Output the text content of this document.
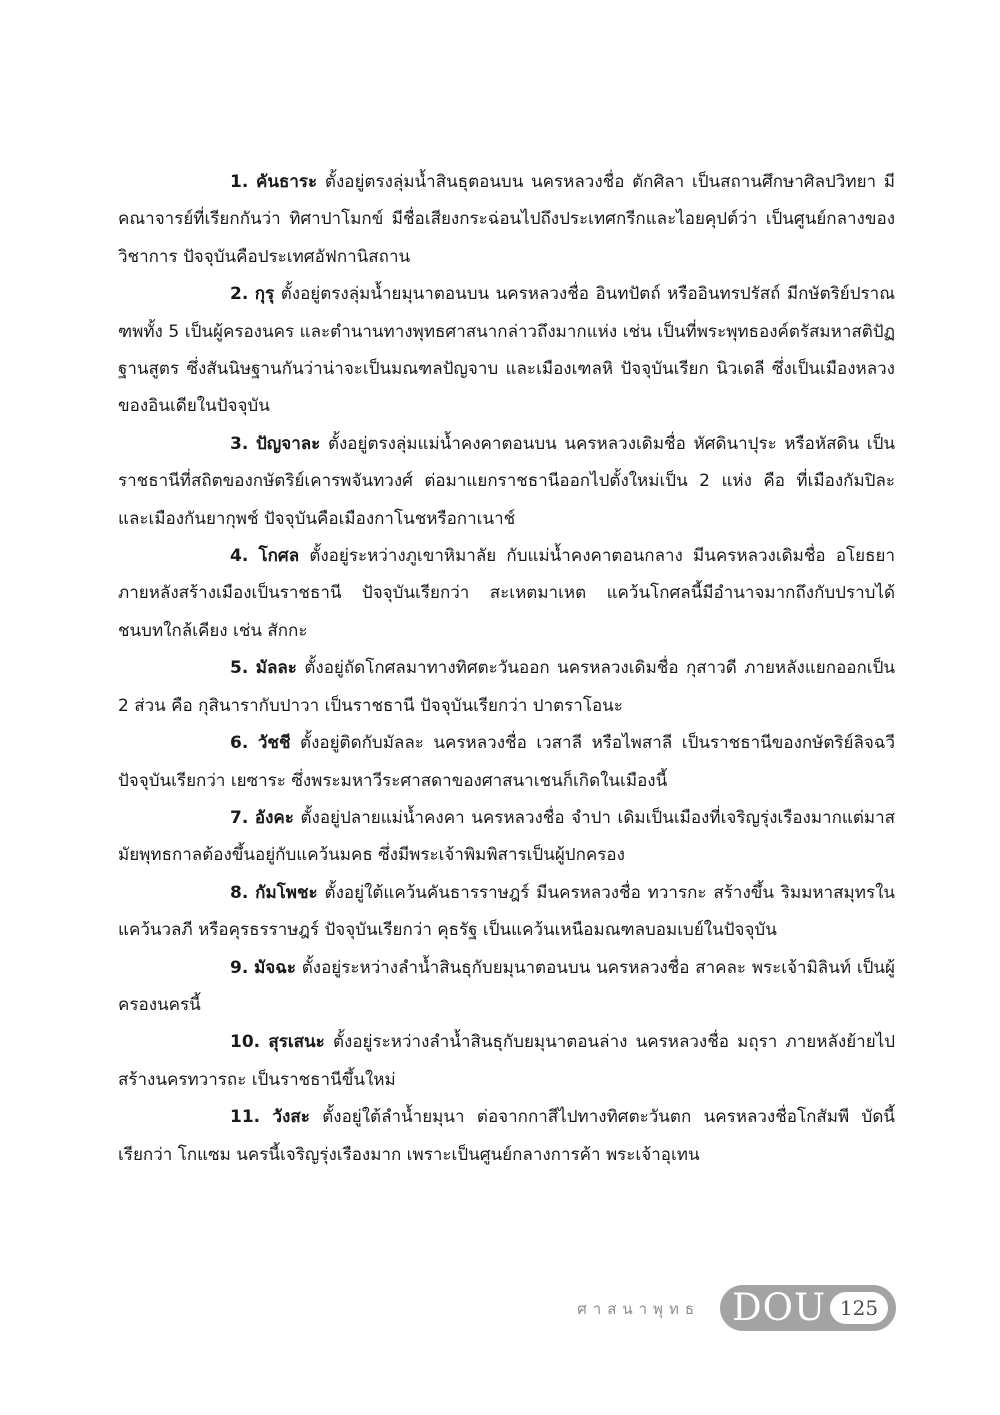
1. คันธาระ ตั้งอยู่ตรงลุ่มน้ำสินธุตอนบน นครหลวงชื่อ ตักศิลา เป็นสถานศึกษาศิลปวิทยา มีคณาจารย์ที่เรียกกันว่า ทิศาปาโมกข์ มีชื่อเสียงกระฉ่อนไปถึงประเทศกรีกและไอยคุปต์ว่า เป็นศูนย์กลางของวิชาการ ปัจจุบันคือประเทศอัฟกานิสถาน

2. กุรุ ตั้งอยู่ตรงลุ่มน้ำยมุนาตอนบน นครหลวงชื่อ อินทปัตถ์ หรืออินทรปรัสถ์ มีกษัตริย์ปราณฑพทั้ง 5 เป็นผู้ครองนคร และตำนานทางพุทธศาสนากล่าวถึงมากแห่ง เช่น เป็นที่พระพุทธองค์ตรัสมหาสติปัฏฐานสูตร ซึ่งสันนิษฐานกันว่าน่าจะเป็นมณฑลปัญจาบ และเมืองเฑลหิ ปัจจุบันเรียก นิวเดลี ซึ่งเป็นเมืองหลวงของอินเดียในปัจจุบัน

3. ปัญจาละ ตั้งอยู่ตรงลุ่มแม่น้ำคงคาตอนบน นครหลวงเดิมชื่อ หัศดินาปุระ หรือหัสดิน เป็นราชธานีที่สถิตของกษัตริย์เคารพจันทวงศ์ ต่อมาแยกราชธานีออกไปตั้งใหม่เป็น 2 แห่ง คือ ที่เมืองกัมปิละและเมืองกันยากุพช์ ปัจจุบันคือเมืองกาโนชหรือกาเนาช์

4. โกศล ตั้งอยู่ระหว่างภูเขาหิมาลัย กับแม่น้ำคงคาตอนกลาง มีนครหลวงเดิมชื่อ อโยธยา ภายหลังสร้างเมืองเป็นราชธานี ปัจจุบันเรียกว่า สะเหตมาเหต แคว้นโกศลนี้มีอำนาจมากถึงกับปราบได้ชนบทใกล้เคียง เช่น สักกะ

5. มัลละ ตั้งอยู่ถัดโกศลมาทางทิศตะวันออก นครหลวงเดิมชื่อ กุสาวดี ภายหลังแยกออกเป็น 2 ส่วน คือ กุสินารากับปาวา เป็นราชธานี ปัจจุบันเรียกว่า ปาตราโอนะ

6. วัชชี ตั้งอยู่ติดกับมัลละ นครหลวงชื่อ เวสาลี หรือไพสาลี เป็นราชธานีของกษัตริย์ลิจฉวี ปัจจุบันเรียกว่า เยซาระ ซึ่งพระมหาวีระศาสดาของศาสนาเชนก็เกิดในเมืองนี้

7. อังคะ ตั้งอยู่ปลายแม่น้ำคงคา นครหลวงชื่อ จำปา เดิมเป็นเมืองที่เจริญรุ่งเรืองมากแต่มาสมัยพุทธกาลต้องขึ้นอยู่กับแคว้นมคธ ซึ่งมีพระเจ้าพิมพิสารเป็นผู้ปกครอง

8. กัมโพชะ ตั้งอยู่ใต้แคว้นคันธารราษฎร์ มีนครหลวงชื่อ ทวารกะ สร้างขึ้น ริมมหาสมุทรในแคว้นวลภี หรือคุรธรราษฎร์ ปัจจุบันเรียกว่า คุธรัฐ เป็นแคว้นเหนือมณฑลบอมเบย์ในปัจจุบัน

9. มัจฉะ ตั้งอยู่ระหว่างลำน้ำสินธุกับยมุนาตอนบน นครหลวงชื่อ สาคละ พระเจ้ามิลินท์ เป็นผู้ครองนครนี้

10. สุรเสนะ ตั้งอยู่ระหว่างลำน้ำสินธุกับยมุนาตอนล่าง นครหลวงชื่อ มถุรา ภายหลังย้ายไปสร้างนครทวารถะ เป็นราชธานีขึ้นใหม่

11. วังสะ ตั้งอยู่ใต้ลำน้ำยมุนา ต่อจากกาสีไปทางทิศตะวันตก นครหลวงชื่อโกสัมพี บัดนี้เรียกว่า โกแซม นครนี้เจริญรุ่งเรืองมาก เพราะเป็นศูนย์กลางการค้า พระเจ้าอุเทน

ศาสนาพุทธ DOU 125
